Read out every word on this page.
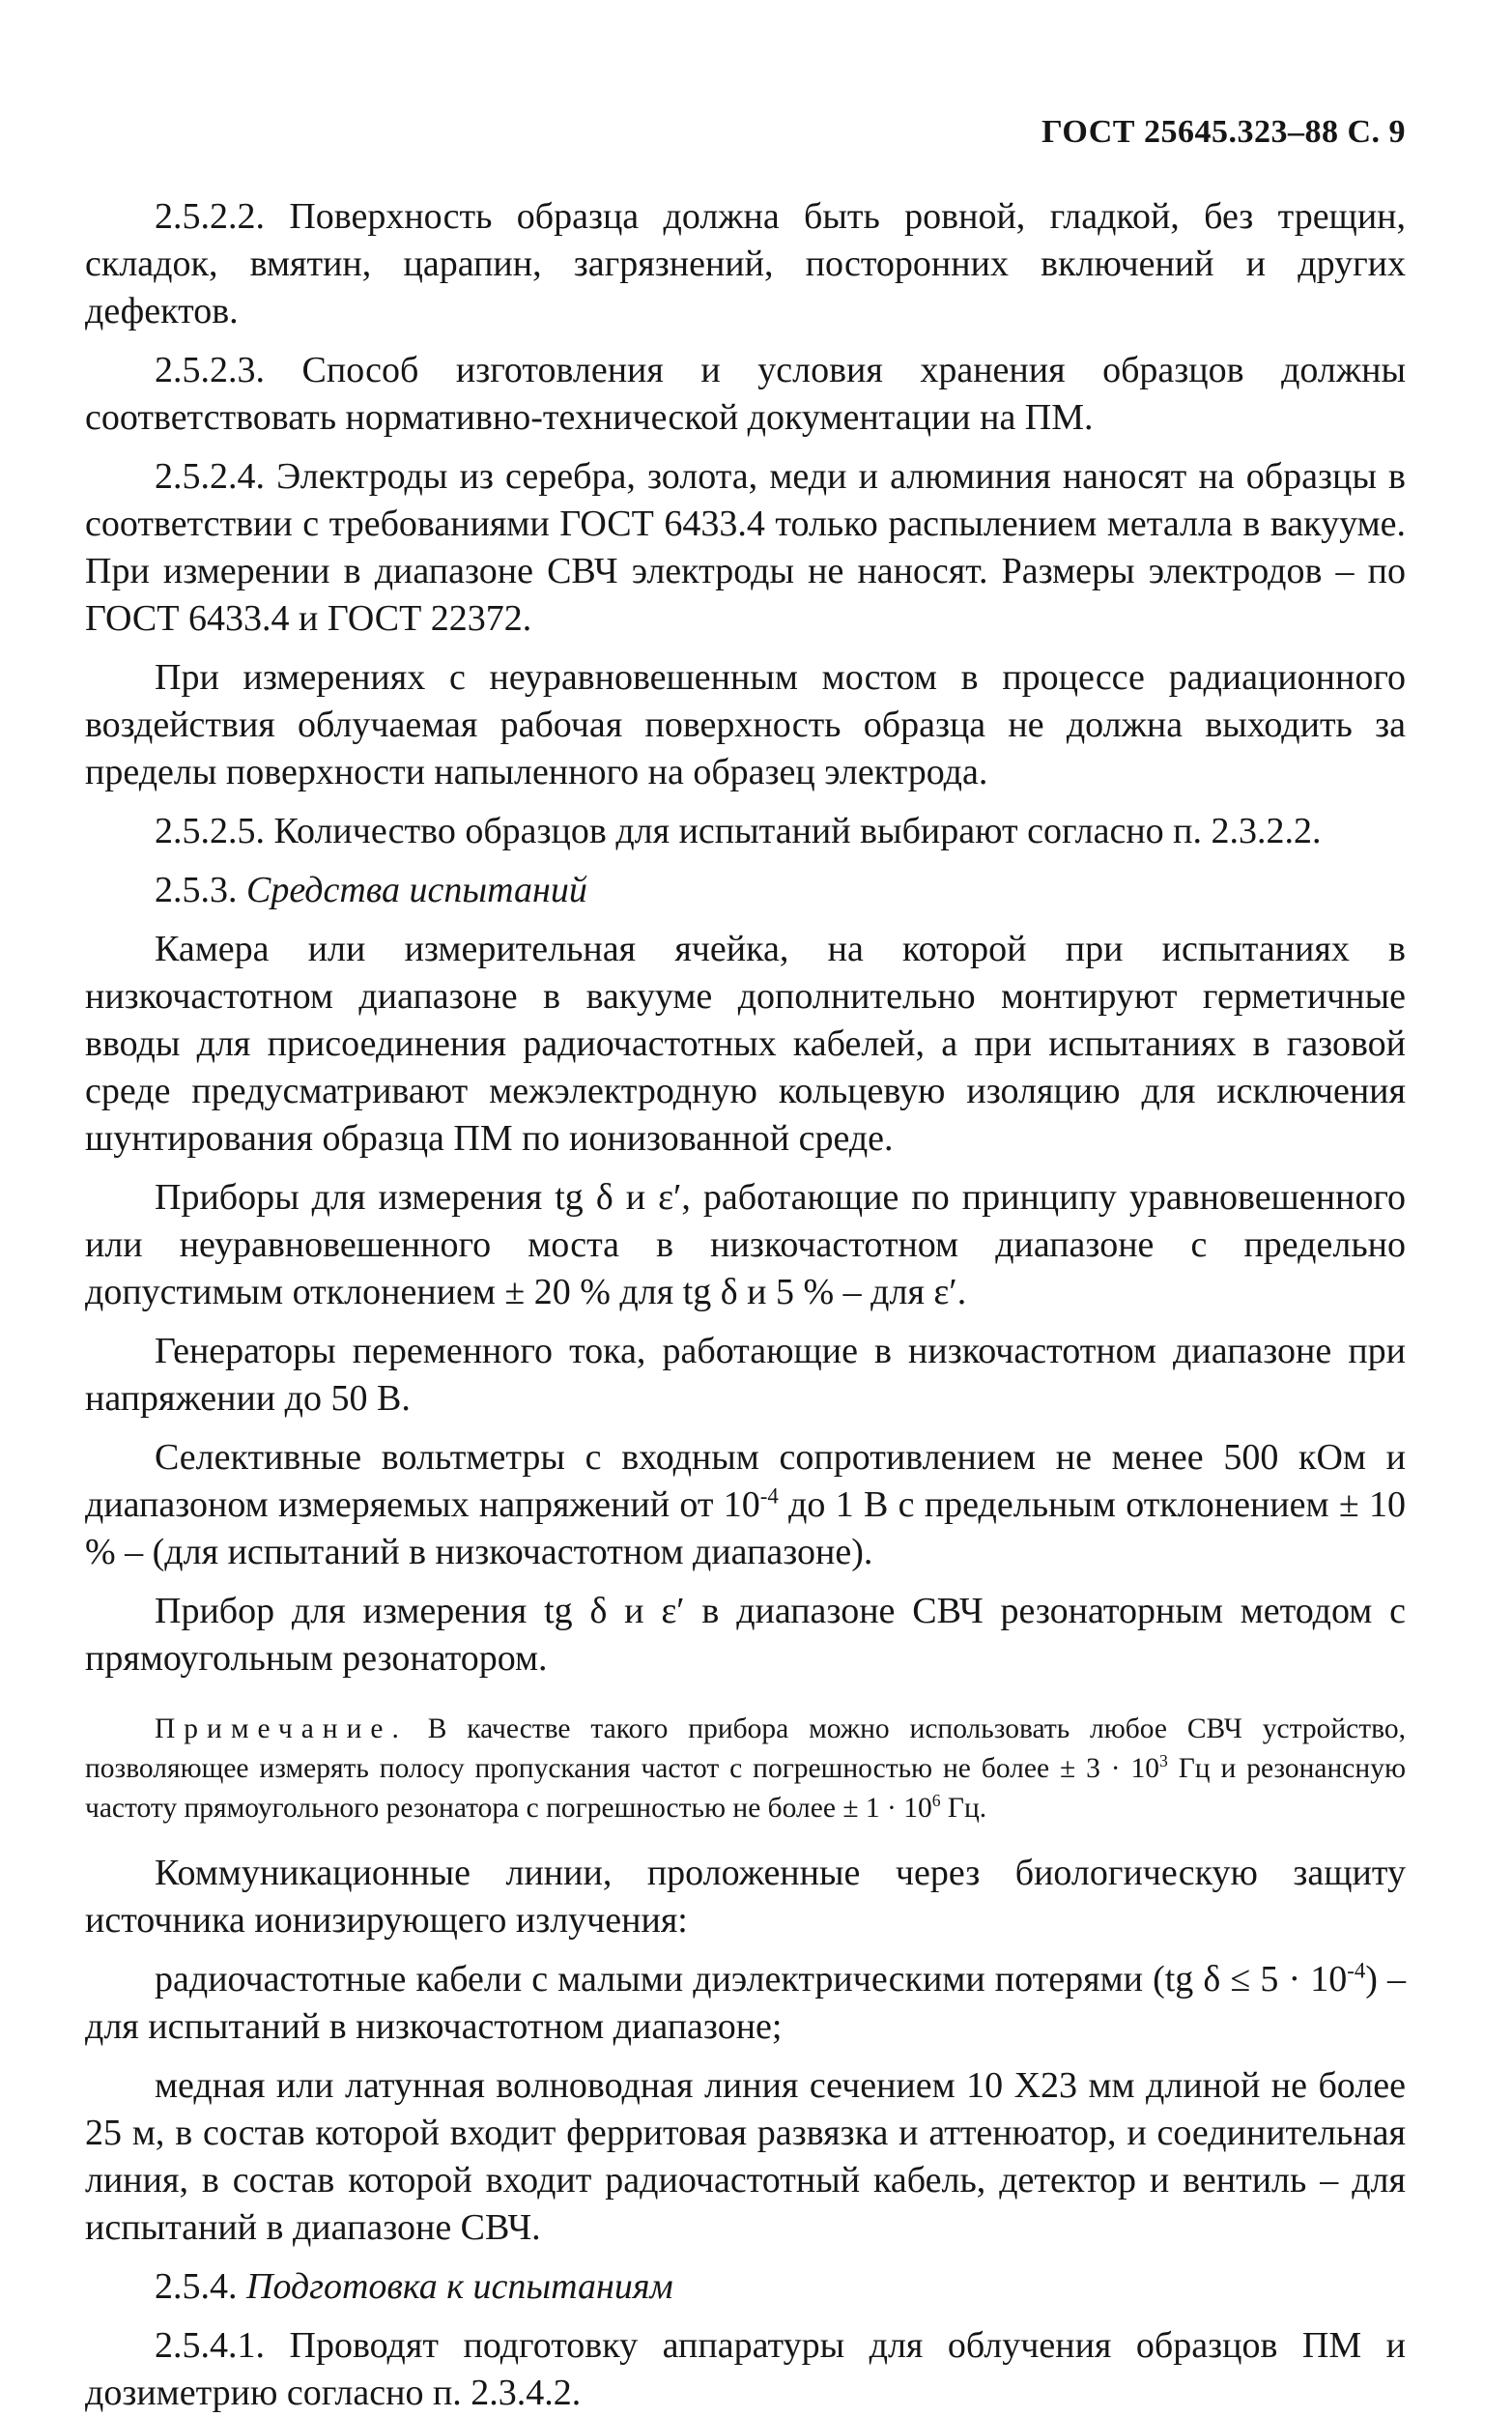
ГОСТ 25645.323–88 С. 9

2.5.2.2. Поверхность образца должна быть ровной, гладкой, без трещин, складок, вмятин, царапин, загрязнений, посторонних включений и других дефектов.

2.5.2.3. Способ изготовления и условия хранения образцов должны соответствовать нормативно-технической документации на ПМ.

2.5.2.4. Электроды из серебра, золота, меди и алюминия наносят на образцы в соответствии с требованиями ГОСТ 6433.4 только распылением металла в вакууме. При измерении в диапазоне СВЧ электроды не наносят. Размеры электродов – по ГОСТ 6433.4 и ГОСТ 22372.

При измерениях с неуравновешенным мостом в процессе радиационного воздействия облучаемая рабочая поверхность образца не должна выходить за пределы поверхности напыленного на образец электрода.

2.5.2.5. Количество образцов для испытаний выбирают согласно п. 2.3.2.2.

2.5.3. Средства испытаний

Камера или измерительная ячейка, на которой при испытаниях в низкочастотном диапазоне в вакууме дополнительно монтируют герметичные вводы для присоединения радиочастотных кабелей, а при испытаниях в газовой среде предусматривают межэлектродную кольцевую изоляцию для исключения шунтирования образца ПМ по ионизованной среде.

Приборы для измерения tg δ и ε′, работающие по принципу уравновешенного или неуравновешенного моста в низкочастотном диапазоне с предельно допустимым отклонением ± 20 % для tg δ и 5 % – для ε′.

Генераторы переменного тока, работающие в низкочастотном диапазоне при напряжении до 50 В.

Селективные вольтметры с входным сопротивлением не менее 500 кОм и диапазоном измеряемых напряжений от $10^{-4}$ до 1 В с предельным отклонением ± 10 % – (для испытаний в низкочастотном диапазоне).

Прибор для измерения tg δ и ε′ в диапазоне СВЧ резонаторным методом с прямоугольным резонатором.

Примечание. В качестве такого прибора можно использовать любое СВЧ устройство, позволяющее измерять полосу пропускания частот с погрешностью не более ± $3 \cdot 10^3$ Гц и резонансную частоту прямоугольного резонатора с погрешностью не более ± $1 \cdot 10^6$ Гц.

Коммуникационные линии, проложенные через биологическую защиту источника ионизирующего излучения:

радиочастотные кабели с малыми диэлектрическими потерями (tg $\delta \le 5 \cdot 10^{-4}$) – для испытаний в низкочастотном диапазоне;

медная или латунная волноводная линия сечением 10 Х23 мм длиной не более 25 м, в состав которой входит ферритовая развязка и аттенюатор, и соединительная линия, в состав которой входит радиочастотный кабель, детектор и вентиль – для испытаний в диапазоне СВЧ.

2.5.4. Подготовка к испытаниям

2.5.4.1. Проводят подготовку аппаратуры для облучения образцов ПМ и дозиметрию согласно п. 2.3.4.2.
